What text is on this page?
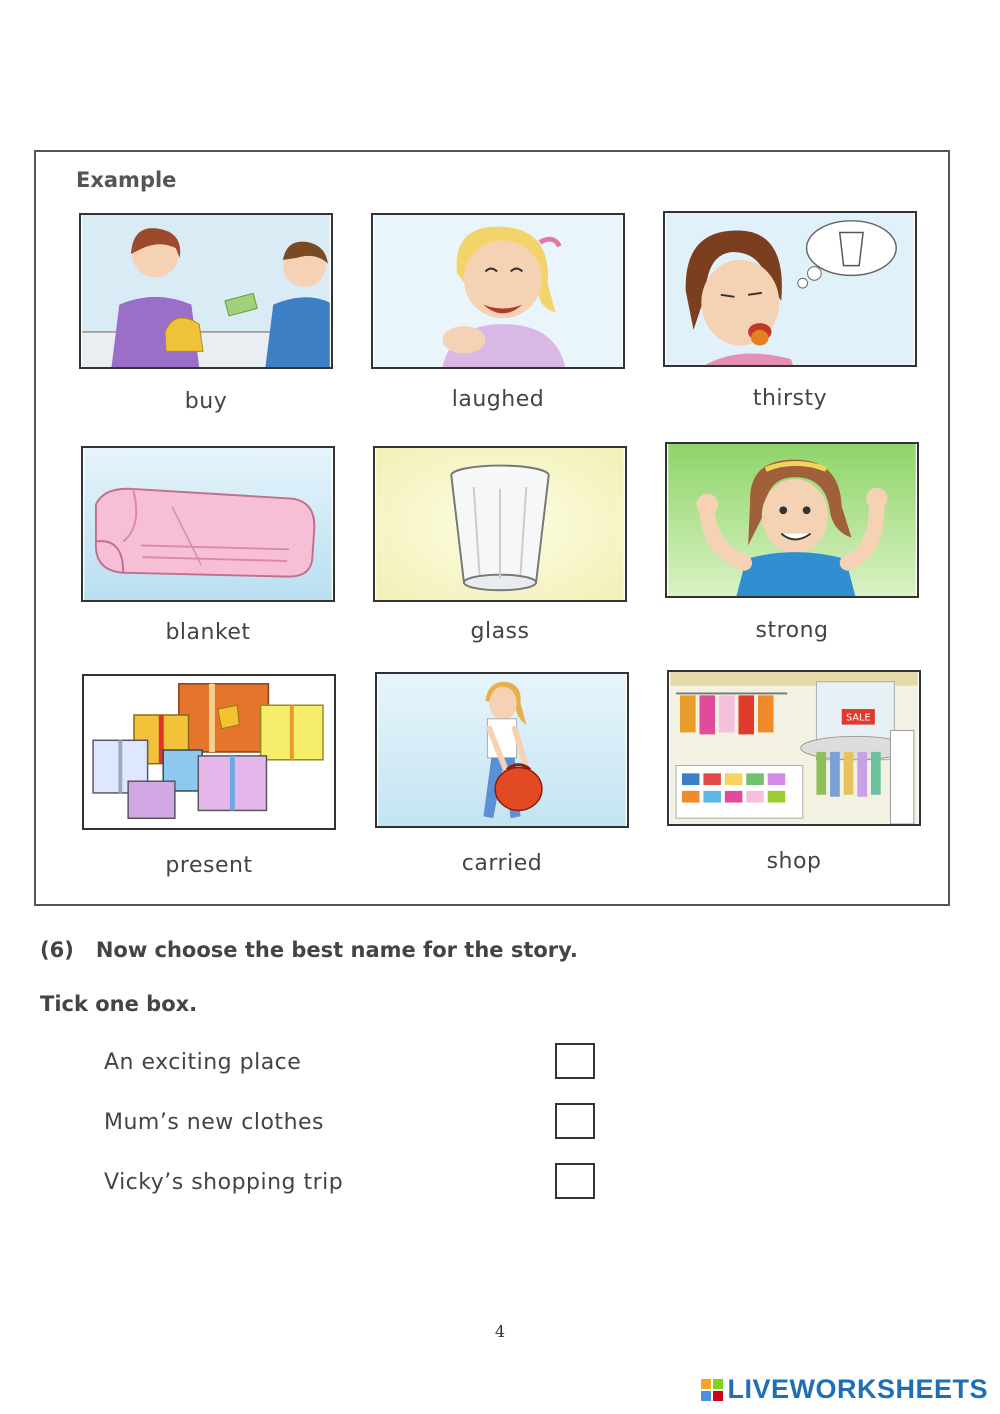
Example
buy	laughed	thirsty
blanket	glass	strong
present	carried
SALE
shop
(6) Now choose the best name for the story.
Tick one box.
An exciting place
Mum’s new clothes
Vicky’s shopping trip
4
LIVEWORKSHEETS
